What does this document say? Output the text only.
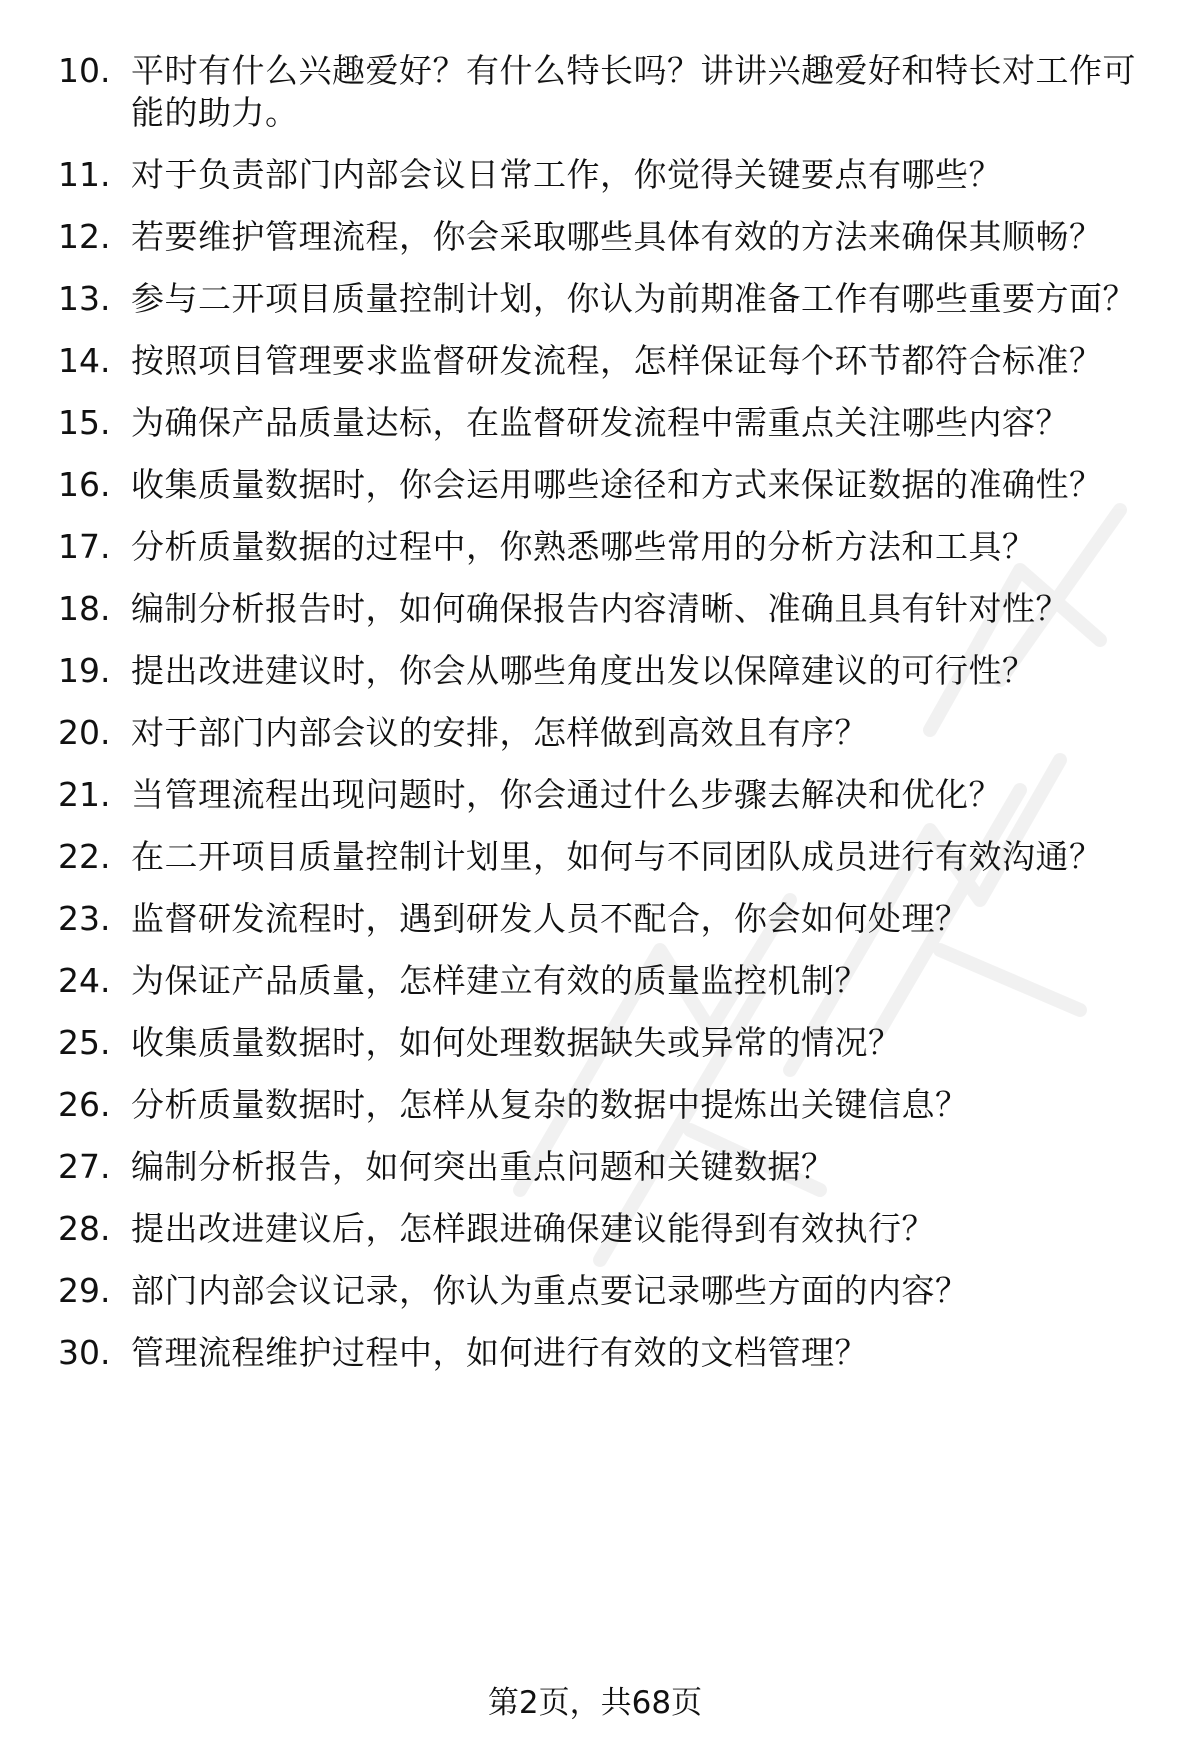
10. 平时有什么兴趣爱好？有什么特长吗？讲讲兴趣爱好和特长对工作可能的助力。
11. 对于负责部门内部会议日常工作，你觉得关键要点有哪些？
12. 若要维护管理流程，你会采取哪些具体有效的方法来确保其顺畅？
13. 参与二开项目质量控制计划，你认为前期准备工作有哪些重要方面？
14. 按照项目管理要求监督研发流程，怎样保证每个环节都符合标准？
15. 为确保产品质量达标，在监督研发流程中需重点关注哪些内容？
16. 收集质量数据时，你会运用哪些途径和方式来保证数据的准确性？
17. 分析质量数据的过程中，你熟悉哪些常用的分析方法和工具？
18. 编制分析报告时，如何确保报告内容清晰、准确且具有针对性？
19. 提出改进建议时，你会从哪些角度出发以保障建议的可行性？
20. 对于部门内部会议的安排，怎样做到高效且有序？
21. 当管理流程出现问题时，你会通过什么步骤去解决和优化？
22. 在二开项目质量控制计划里，如何与不同团队成员进行有效沟通？
23. 监督研发流程时，遇到研发人员不配合，你会如何处理？
24. 为保证产品质量，怎样建立有效的质量监控机制？
25. 收集质量数据时，如何处理数据缺失或异常的情况？
26. 分析质量数据时，怎样从复杂的数据中提炼出关键信息？
27. 编制分析报告，如何突出重点问题和关键数据？
28. 提出改进建议后，怎样跟进确保建议能得到有效执行？
29. 部门内部会议记录，你认为重点要记录哪些方面的内容？
30. 管理流程维护过程中，如何进行有效的文档管理？
第2页，共68页
